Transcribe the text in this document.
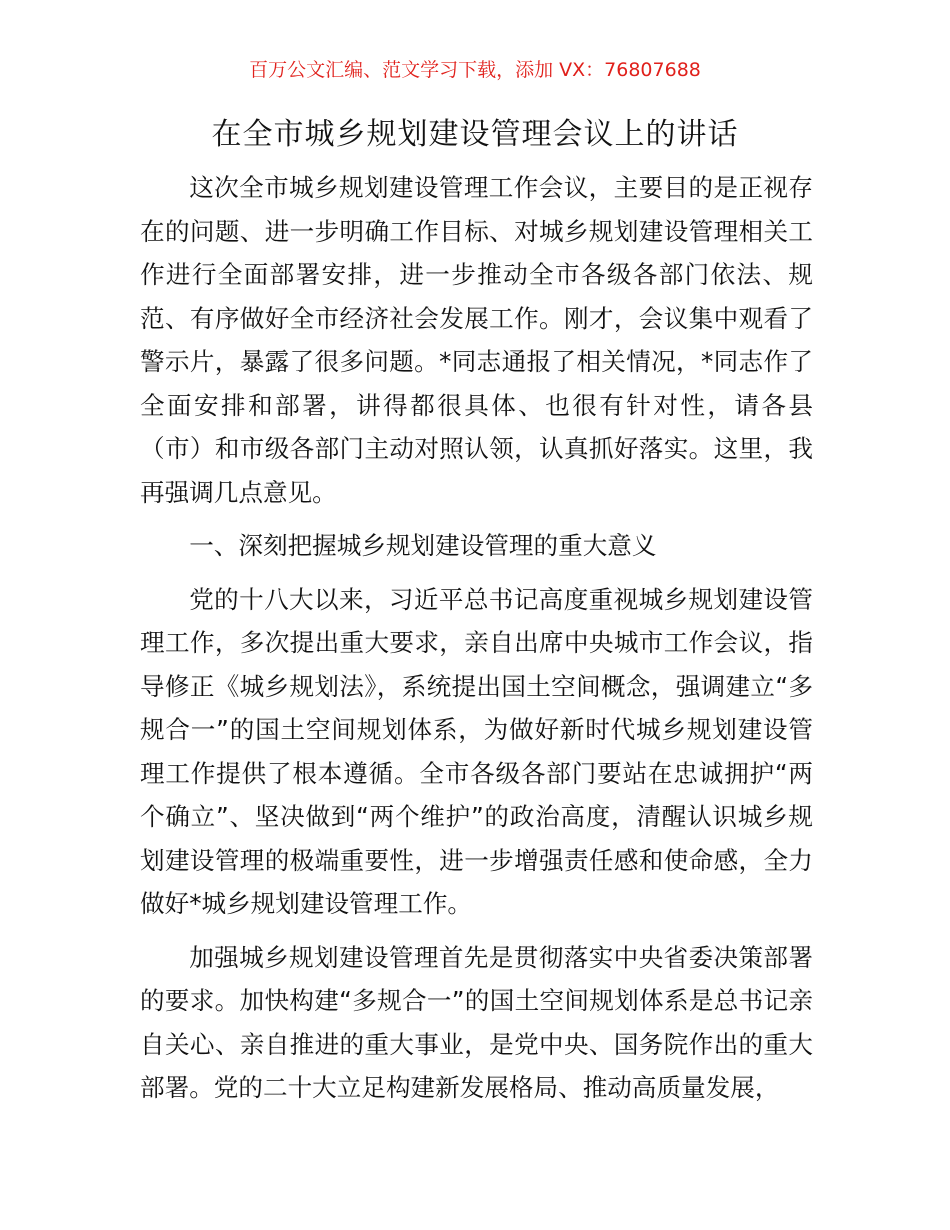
百万公文汇编、范文学习下载，添加 VX：76807688
在全市城乡规划建设管理会议上的讲话

这次全市城乡规划建设管理工作会议，主要目的是正视存在的问题、进一步明确工作目标、对城乡规划建设管理相关工作进行全面部署安排，进一步推动全市各级各部门依法、规范、有序做好全市经济社会发展工作。刚才，会议集中观看了警示片，暴露了很多问题。*同志通报了相关情况，*同志作了全面安排和部署，讲得都很具体、也很有针对性，请各县（市）和市级各部门主动对照认领，认真抓好落实。这里，我再强调几点意见。

一、深刻把握城乡规划建设管理的重大意义

党的十八大以来，习近平总书记高度重视城乡规划建设管理工作，多次提出重大要求，亲自出席中央城市工作会议，指导修正《城乡规划法》，系统提出国土空间概念，强调建立“多规合一”的国土空间规划体系，为做好新时代城乡规划建设管理工作提供了根本遵循。全市各级各部门要站在忠诚拥护“两个确立”、坚决做到“两个维护”的政治高度，清醒认识城乡规划建设管理的极端重要性，进一步增强责任感和使命感，全力做好*城乡规划建设管理工作。

加强城乡规划建设管理首先是贯彻落实中央省委决策部署的要求。加快构建“多规合一”的国土空间规划体系是总书记亲自关心、亲自推进的重大事业，是党中央、国务院作出的重大部署。党的二十大立足构建新发展格局、推动高质量发展，
